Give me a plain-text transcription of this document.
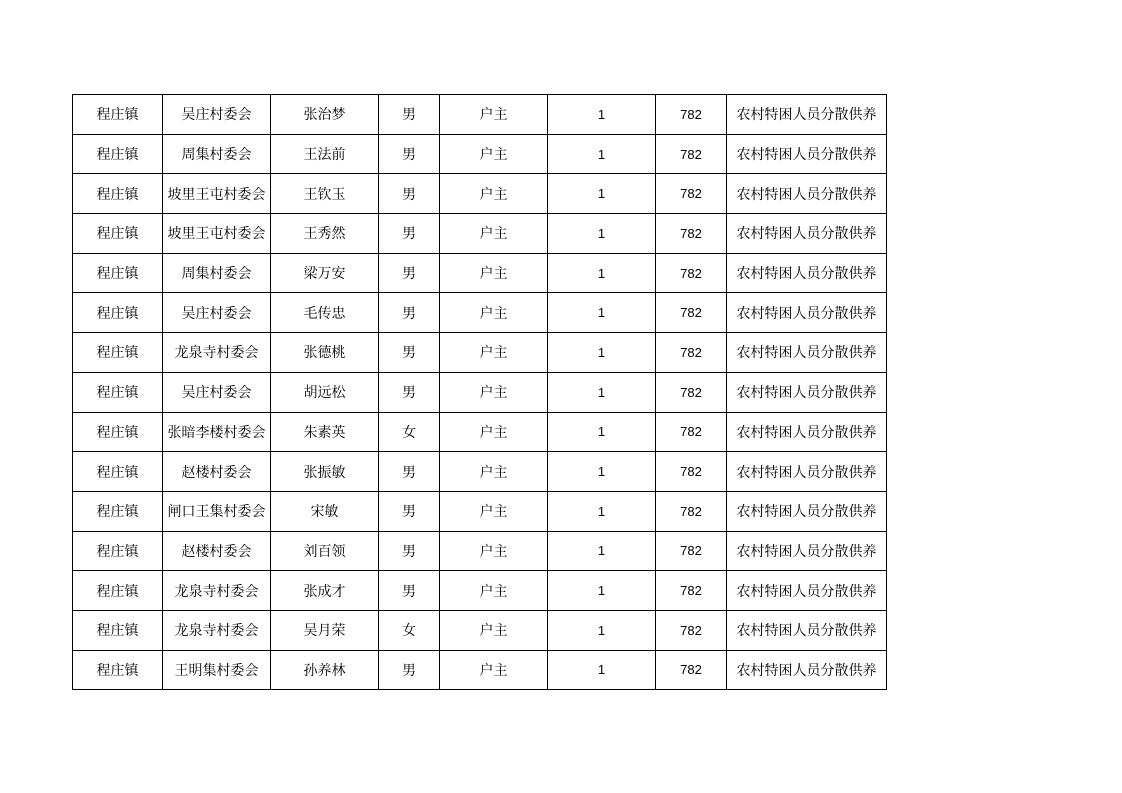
程庄镇	吴庄村委会	张治梦	男	户主	1	782	农村特困人员分散供养
程庄镇	周集村委会	王法前	男	户主	1	782	农村特困人员分散供养
程庄镇	坡里王屯村委会	王钦玉	男	户主	1	782	农村特困人员分散供养
程庄镇	坡里王屯村委会	王秀然	男	户主	1	782	农村特困人员分散供养
程庄镇	周集村委会	梁万安	男	户主	1	782	农村特困人员分散供养
程庄镇	吴庄村委会	毛传忠	男	户主	1	782	农村特困人员分散供养
程庄镇	龙泉寺村委会	张德桃	男	户主	1	782	农村特困人员分散供养
程庄镇	吴庄村委会	胡远松	男	户主	1	782	农村特困人员分散供养
程庄镇	张暗李楼村委会	朱素英	女	户主	1	782	农村特困人员分散供养
程庄镇	赵楼村委会	张振敏	男	户主	1	782	农村特困人员分散供养
程庄镇	闸口王集村委会	宋敏	男	户主	1	782	农村特困人员分散供养
程庄镇	赵楼村委会	刘百领	男	户主	1	782	农村特困人员分散供养
程庄镇	龙泉寺村委会	张成才	男	户主	1	782	农村特困人员分散供养
程庄镇	龙泉寺村委会	吴月荣	女	户主	1	782	农村特困人员分散供养
程庄镇	王明集村委会	孙养林	男	户主	1	782	农村特困人员分散供养
